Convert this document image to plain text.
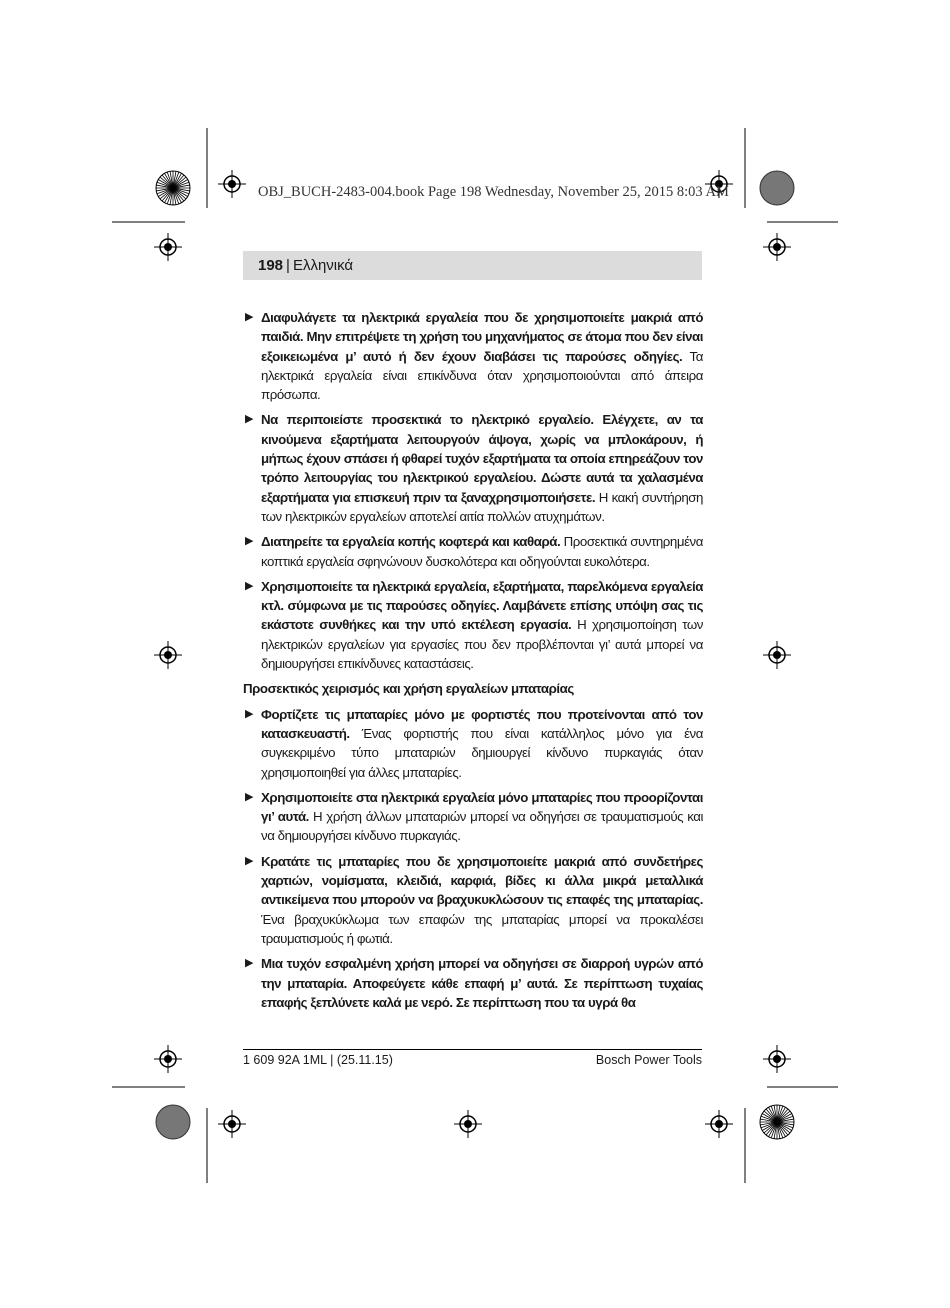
OBJ_BUCH-2483-004.book Page 198 Wednesday, November 25, 2015 8:03 AM
198 | Ελληνικά
▶ Διαφυλάγετε τα ηλεκτρικά εργαλεία που δε χρησιμοποιείτε μακριά από παιδιά. Μην επιτρέψετε τη χρήση του μηχανήματος σε άτομα που δεν είναι εξοικειωμένα μ’ αυτό ή δεν έχουν διαβάσει τις παρούσες οδηγίες. Τα ηλεκτρικά εργαλεία είναι επικίνδυνα όταν χρησιμοποιούνται από άπειρα πρόσωπα.

▶ Να περιποιείστε προσεκτικά το ηλεκτρικό εργαλείο. Ελέγχετε, αν τα κινούμενα εξαρτήματα λειτουργούν άψογα, χωρίς να μπλοκάρουν, ή μήπως έχουν σπάσει ή φθαρεί τυχόν εξαρτήματα τα οποία επηρεάζουν τον τρόπο λειτουργίας του ηλεκτρικού εργαλείου. Δώστε αυτά τα χαλασμένα εξαρτήματα για επισκευή πριν τα ξαναχρησιμοποιήσετε. Η κακή συντήρηση των ηλεκτρικών εργαλείων αποτελεί αιτία πολλών ατυχημάτων.

▶ Διατηρείτε τα εργαλεία κοπής κοφτερά και καθαρά. Προσεκτικά συντηρημένα κοπτικά εργαλεία σφηνώνουν δυσκολότερα και οδηγούνται ευκολότερα.

▶ Χρησιμοποιείτε τα ηλεκτρικά εργαλεία, εξαρτήματα, παρελκόμενα εργαλεία κτλ. σύμφωνα με τις παρούσες οδηγίες. Λαμβάνετε επίσης υπόψη σας τις εκάστοτε συνθήκες και την υπό εκτέλεση εργασία. Η χρησιμοποίηση των ηλεκτρικών εργαλείων για εργασίες που δεν προβλέπονται γι’ αυτά μπορεί να δημιουργήσει επικίνδυνες καταστάσεις.

Προσεκτικός χειρισμός και χρήση εργαλείων μπαταρίας
▶ Φορτίζετε τις μπαταρίες μόνο με φορτιστές που προτείνονται από τον κατασκευαστή. Ένας φορτιστής που είναι κατάλληλος μόνο για ένα συγκεκριμένο τύπο μπαταριών δημιουργεί κίνδυνο πυρκαγιάς όταν χρησιμοποιηθεί για άλλες μπαταρίες.

▶ Χρησιμοποιείτε στα ηλεκτρικά εργαλεία μόνο μπαταρίες που προορίζονται γι’ αυτά. Η χρήση άλλων μπαταριών μπορεί να οδηγήσει σε τραυματισμούς και να δημιουργήσει κίνδυνο πυρκαγιάς.

▶ Κρατάτε τις μπαταρίες που δε χρησιμοποιείτε μακριά από συνδετήρες χαρτιών, νομίσματα, κλειδιά, καρφιά, βίδες κι άλλα μικρά μεταλλικά αντικείμενα που μπορούν να βραχυκυκλώσουν τις επαφές της μπαταρίας. Ένα βραχυκύκλωμα των επαφών της μπαταρίας μπορεί να προκαλέσει τραυματισμούς ή φωτιά.

▶ Μια τυχόν εσφαλμένη χρήση μπορεί να οδηγήσει σε διαρροή υγρών από την μπαταρία. Αποφεύγετε κάθε επαφή μ’ αυτά. Σε περίπτωση τυχαίας επαφής ξεπλύνετε καλά με νερό. Σε περίπτωση που τα υγρά θα

1 609 92A 1ML | (25.11.15)	Bosch Power Tools
